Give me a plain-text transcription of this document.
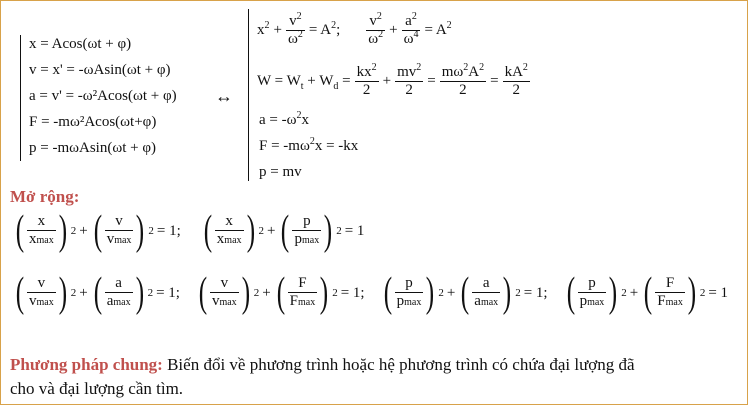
x = Acos(ωt + φ)
v = x' = -ωAsin(ωt + φ)
a = v' = -ω²Acos(ωt + φ)
F = -mω²Acos(ωt+φ)
p = -mωAsin(ωt + φ)
↔
$x^2 + \frac{v^2}{\omega^2} = A^2$; $\frac{v^2}{\omega^2} + \frac{a^2}{\omega^4} = A^2$
$W = W_t + W_d = \frac{kx^2}{2} + \frac{mv^2}{2} = \frac{m\omega^2A^2}{2} = \frac{kA^2}{2}$
$a = -\omega^2x$
$F = -m\omega^2x = -kx$
p = mv
Mở rộng:
( $\frac{x}{xmax}$ ) 2 + ( $\frac{v}{vmax}$ ) 2 = 1; ( $\frac{x}{xmax}$ ) 2 + ( $\frac{p}{pmax}$ ) 2 = 1
( $\frac{v}{vmax}$ ) 2 + ( $\frac{a}{amax}$ ) 2 = 1; ( $\frac{v}{vmax}$ ) 2 + ( $\frac{F}{Fmax}$ ) 2 = 1; ( $\frac{p}{pmax}$ ) 2 + ( $\frac{a}{amax}$ ) 2 = 1; ( $\frac{p}{pmax}$ ) 2 + ( $\frac{F}{Fmax}$ ) 2 = 1
Phương pháp chung: Biến đổi về phương trình hoặc hệ phương trình có chứa đại lượng đã
cho và đại lượng cần tìm.
